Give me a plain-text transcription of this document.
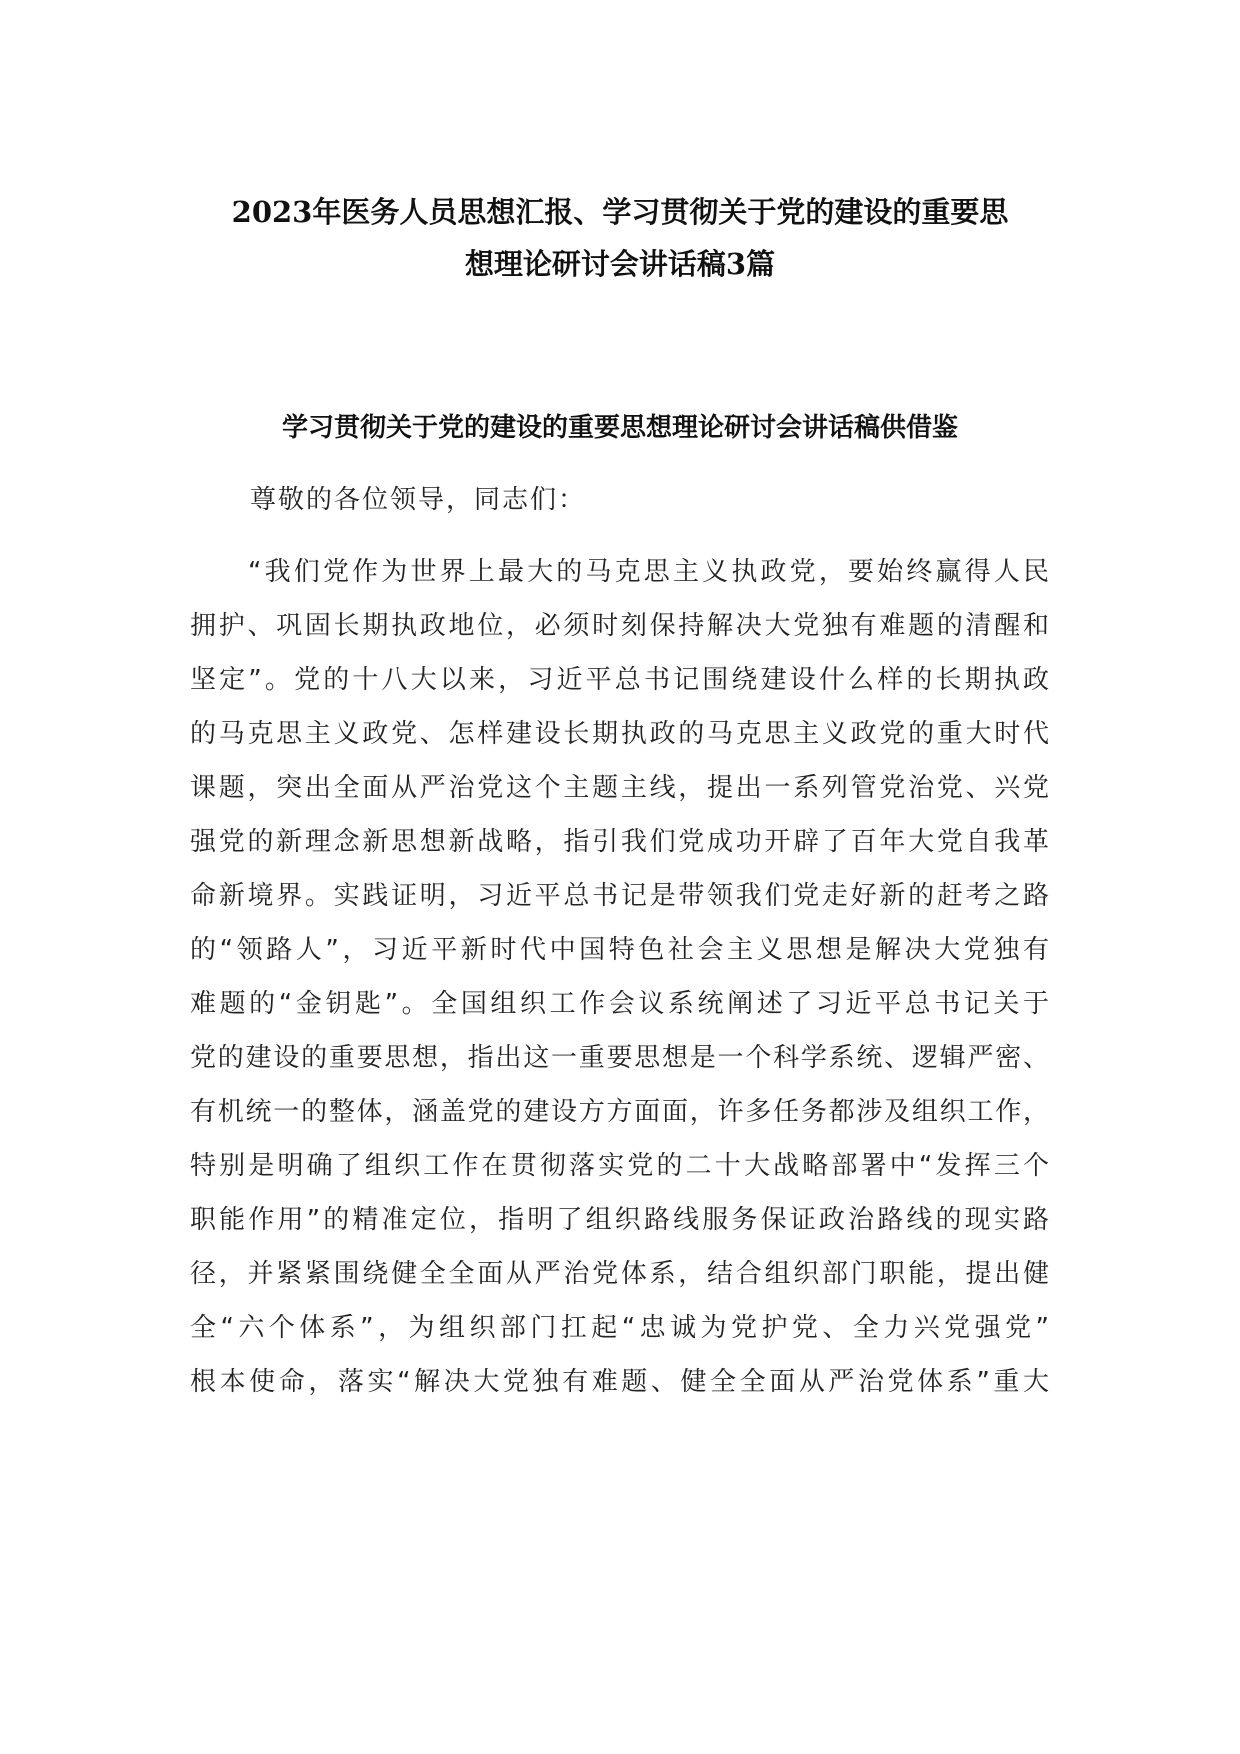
2023年医务人员思想汇报、学习贯彻关于党的建设的重要思
想理论研讨会讲话稿3篇
学习贯彻关于党的建设的重要思想理论研讨会讲话稿供借鉴

尊敬的各位领导，同志们：

“我们党作为世界上最大的马克思主义执政党，要始终赢得人民
拥护、巩固长期执政地位，必须时刻保持解决大党独有难题的清醒和
坚定”。党的十八大以来，习近平总书记围绕建设什么样的长期执政
的马克思主义政党、怎样建设长期执政的马克思主义政党的重大时代
课题，突出全面从严治党这个主题主线，提出一系列管党治党、兴党
强党的新理念新思想新战略，指引我们党成功开辟了百年大党自我革
命新境界。实践证明，习近平总书记是带领我们党走好新的赶考之路
的“领路人”，习近平新时代中国特色社会主义思想是解决大党独有
难题的“金钥匙”。全国组织工作会议系统阐述了习近平总书记关于
党的建设的重要思想，指出这一重要思想是一个科学系统、逻辑严密、
有机统一的整体，涵盖党的建设方方面面，许多任务都涉及组织工作，
特别是明确了组织工作在贯彻落实党的二十大战略部署中“发挥三个
职能作用”的精准定位，指明了组织路线服务保证政治路线的现实路
径，并紧紧围绕健全全面从严治党体系，结合组织部门职能，提出健
全“六个体系”，为组织部门扛起“忠诚为党护党、全力兴党强党”
根本使命，落实“解决大党独有难题、健全全面从严治党体系”重大
